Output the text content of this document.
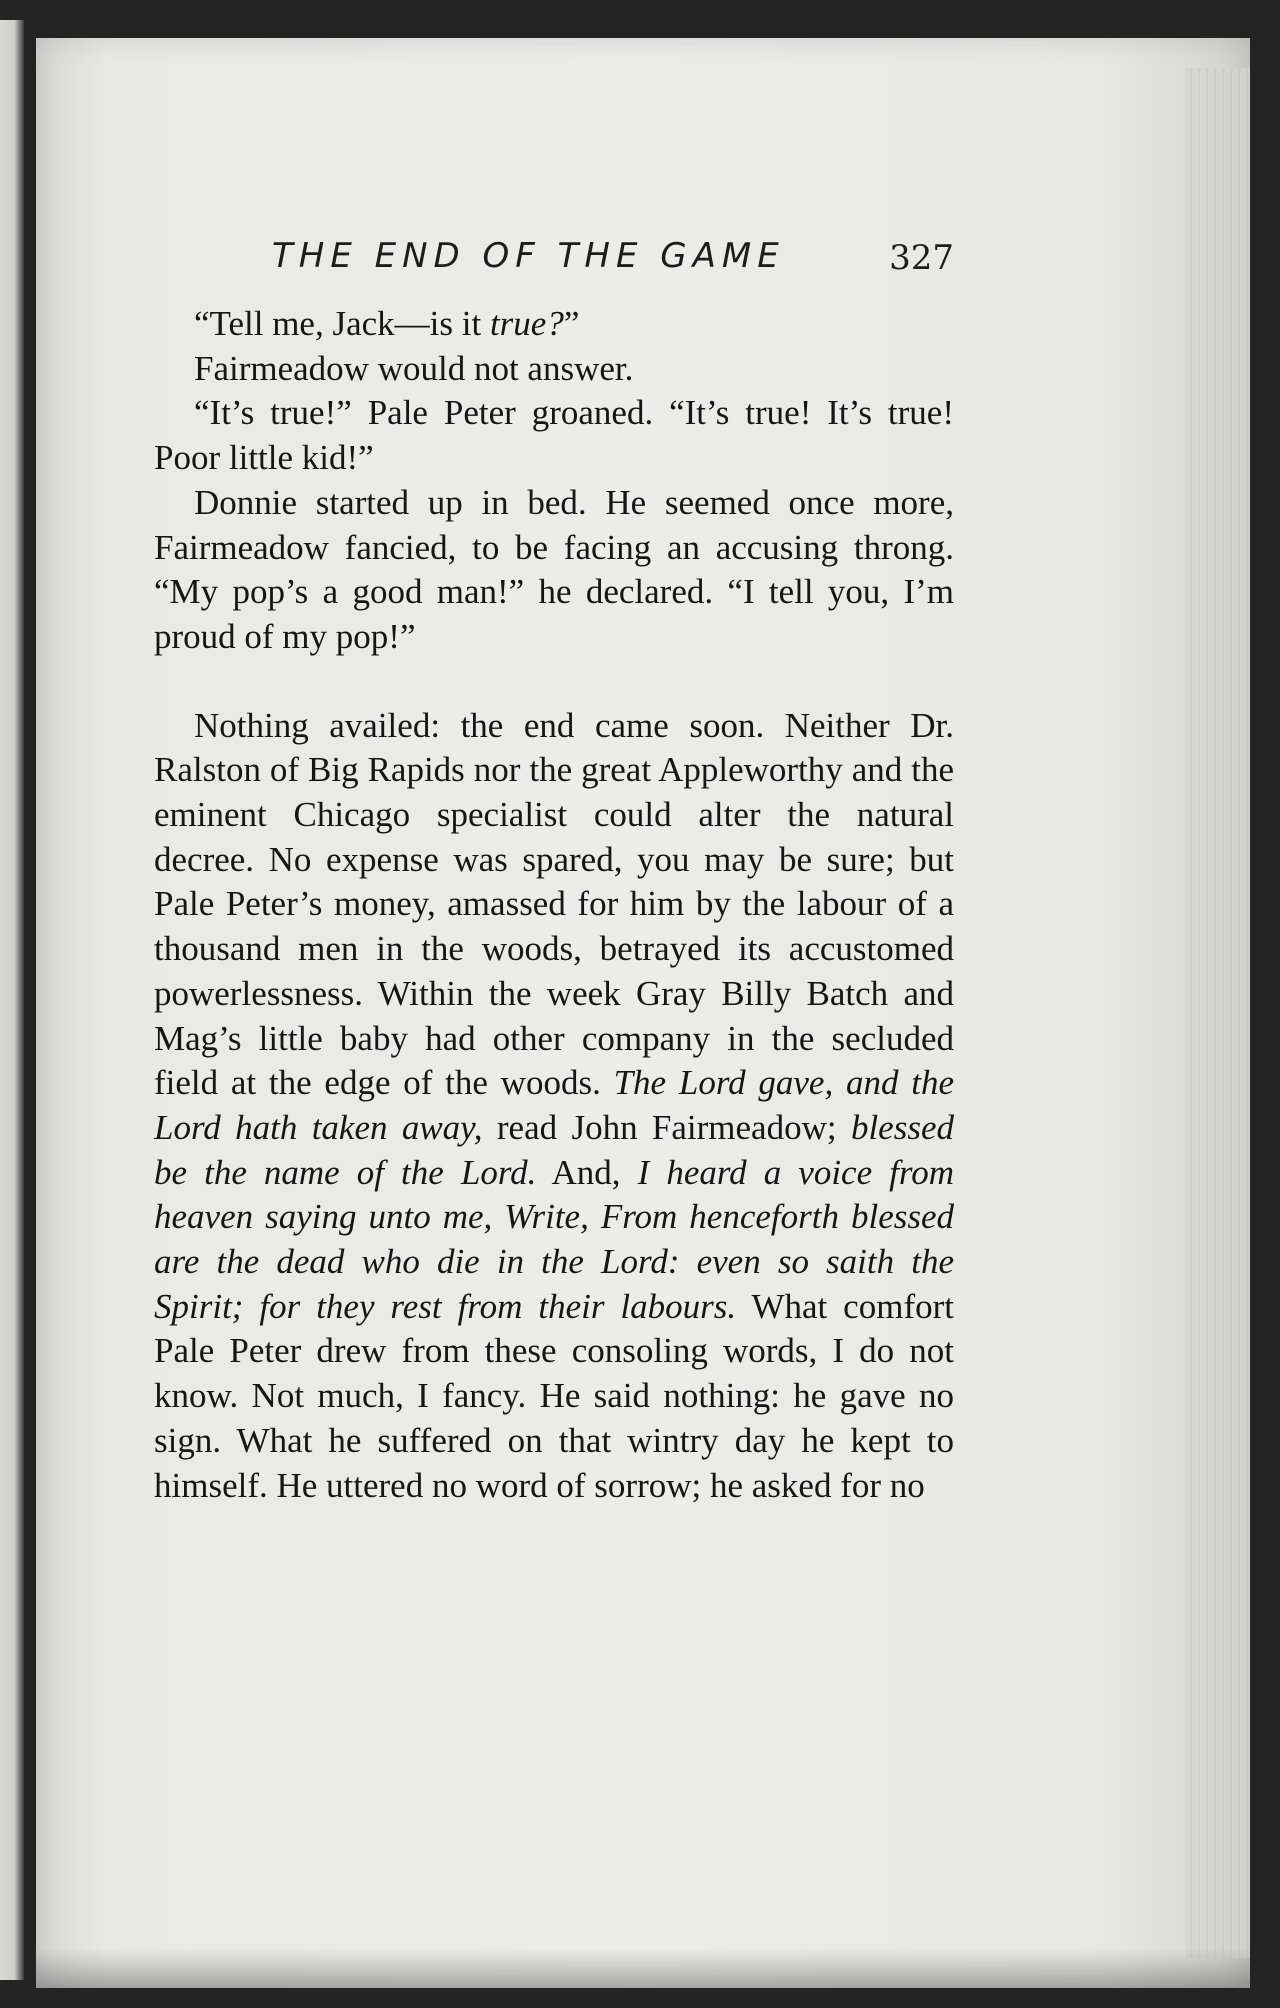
THE END OF THE GAME	327

“Tell me, Jack—is it true?”

Fairmeadow would not answer.

“It’s true!” Pale Peter groaned. “It’s true! It’s true! Poor little kid!”

Donnie started up in bed. He seemed once more, Fairmeadow fancied, to be facing an accusing throng. “My pop’s a good man!” he declared. “I tell you, I’m proud of my pop!”

Nothing availed: the end came soon. Neither Dr. Ralston of Big Rapids nor the great Appleworthy and the eminent Chicago specialist could alter the natural decree. No expense was spared, you may be sure; but Pale Peter’s money, amassed for him by the labour of a thousand men in the woods, betrayed its accustomed powerlessness. Within the week Gray Billy Batch and Mag’s little baby had other company in the secluded field at the edge of the woods. The Lord gave, and the Lord hath taken away, read John Fairmeadow; blessed be the name of the Lord. And, I heard a voice from heaven saying unto me, Write, From henceforth blessed are the dead who die in the Lord: even so saith the Spirit; for they rest from their labours. What comfort Pale Peter drew from these consoling words, I do not know. Not much, I fancy. He said nothing: he gave no sign. What he suffered on that wintry day he kept to himself. He uttered no word of sorrow; he asked for no
